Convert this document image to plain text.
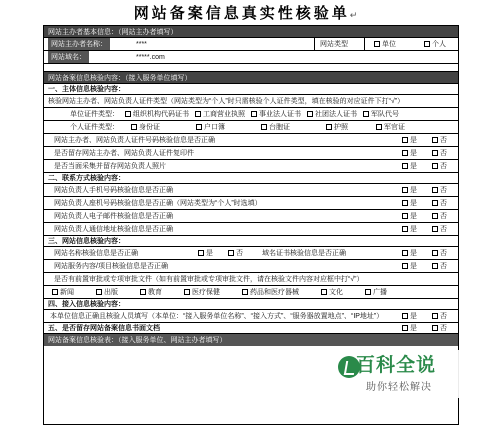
网站备案信息真实性核验单↵
网站主办者基本信息：（网站主办者填写）
网站主办者名称：	****	网站类型	单位	个人
网站域名：	*****.com
网站备案信息核验内容：（接入服务单位填写）
一、主体信息核验内容：
核验网站主办者、网站负责人证件类型（网站类型为“个人”时只需核验个人证件类型，填在核验的对应证件下打“√”）
单位证件类型： 组织机构代码证书 工商营业执照 事业法人证书 社团法人证书 军队代号
个人证件类型：	身份证	户口簿	台胞证	护照	军官证
网站主办者、网站负责人证件号码核验信息是否正确	是	否
是否留存网站主办者、网站负责人证件复印件	是	否
是否当面采集并留存网站负责人照片	是	否
二、联系方式核验内容：
网站负责人手机号码核验信息是否正确	是	否
网站负责人座机号码核验信息是否正确（网站类型为“个人”时选填）	是	否
网站负责人电子邮件核验信息是否正确	是	否
网站负责人通信地址核验信息是否正确	是	否
三、网站信息核验内容：
网站名称核验信息是否正确	是	否	域名证书核验信息是否正确	是	否
网站服务内容/项目核验信息是否正确	是	否
是否有前置审批或专项审批文件（如有前置审批或专项审批文件，请在核验文件内容对应框中打“√”）
新闻	出版	教育	医疗保健	药品和医疗器械	文化	广播
四、接入信息核验内容：
本单位信息正确且核验人员填写（本单位：“接入服务单位名称”、“接入方式”、“服务器放置地点”、“IP地址”）	是	否
五、是否留存网站备案信息书面文档	是	否
网站备案信息核验表：（接入服务单位、网站主办者填写）
百科全说
助你轻松解决
